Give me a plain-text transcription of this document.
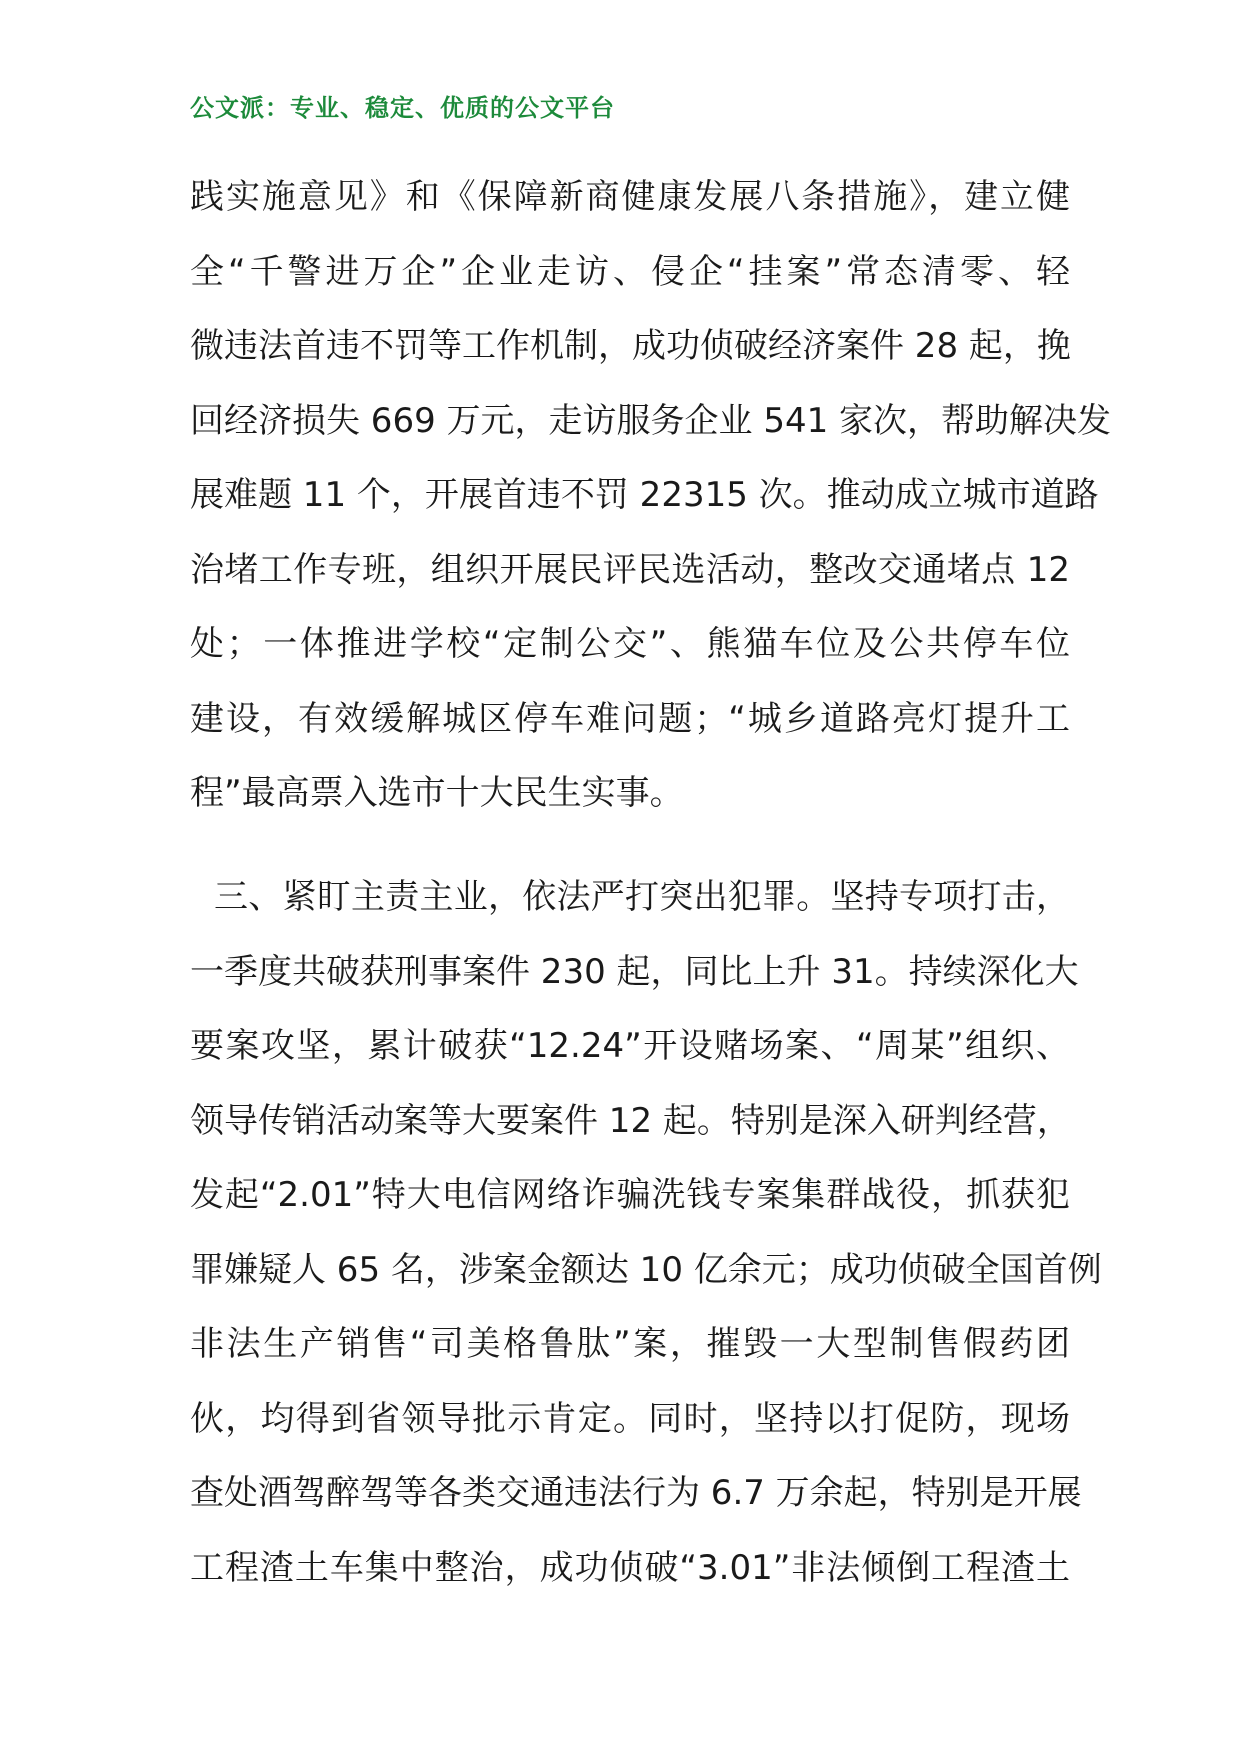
公文派：专业、稳定、优质的公文平台
践实施意见》和《保障新商健康发展八条措施》，建立健
全“千警进万企”企业走访、侵企“挂案”常态清零、轻
微违法首违不罚等工作机制，成功侦破经济案件 28 起，挽
回经济损失 669 万元，走访服务企业 541 家次，帮助解决发
展难题 11 个，开展首违不罚 22315 次。推动成立城市道路
治堵工作专班，组织开展民评民选活动，整改交通堵点 12
处；一体推进学校“定制公交”、熊猫车位及公共停车位
建设，有效缓解城区停车难问题；“城乡道路亮灯提升工
程”最高票入选市十大民生实事。
三、紧盯主责主业，依法严打突出犯罪。坚持专项打击，
一季度共破获刑事案件 230 起，同比上升 31。持续深化大
要案攻坚，累计破获“12.24”开设赌场案、“周某”组织、
领导传销活动案等大要案件 12 起。特别是深入研判经营，
发起“2.01”特大电信网络诈骗洗钱专案集群战役，抓获犯
罪嫌疑人 65 名，涉案金额达 10 亿余元；成功侦破全国首例
非法生产销售“司美格鲁肽”案，摧毁一大型制售假药团
伙，均得到省领导批示肯定。同时，坚持以打促防，现场
查处酒驾醉驾等各类交通违法行为 6.7 万余起，特别是开展
工程渣土车集中整治，成功侦破“3.01”非法倾倒工程渣土
